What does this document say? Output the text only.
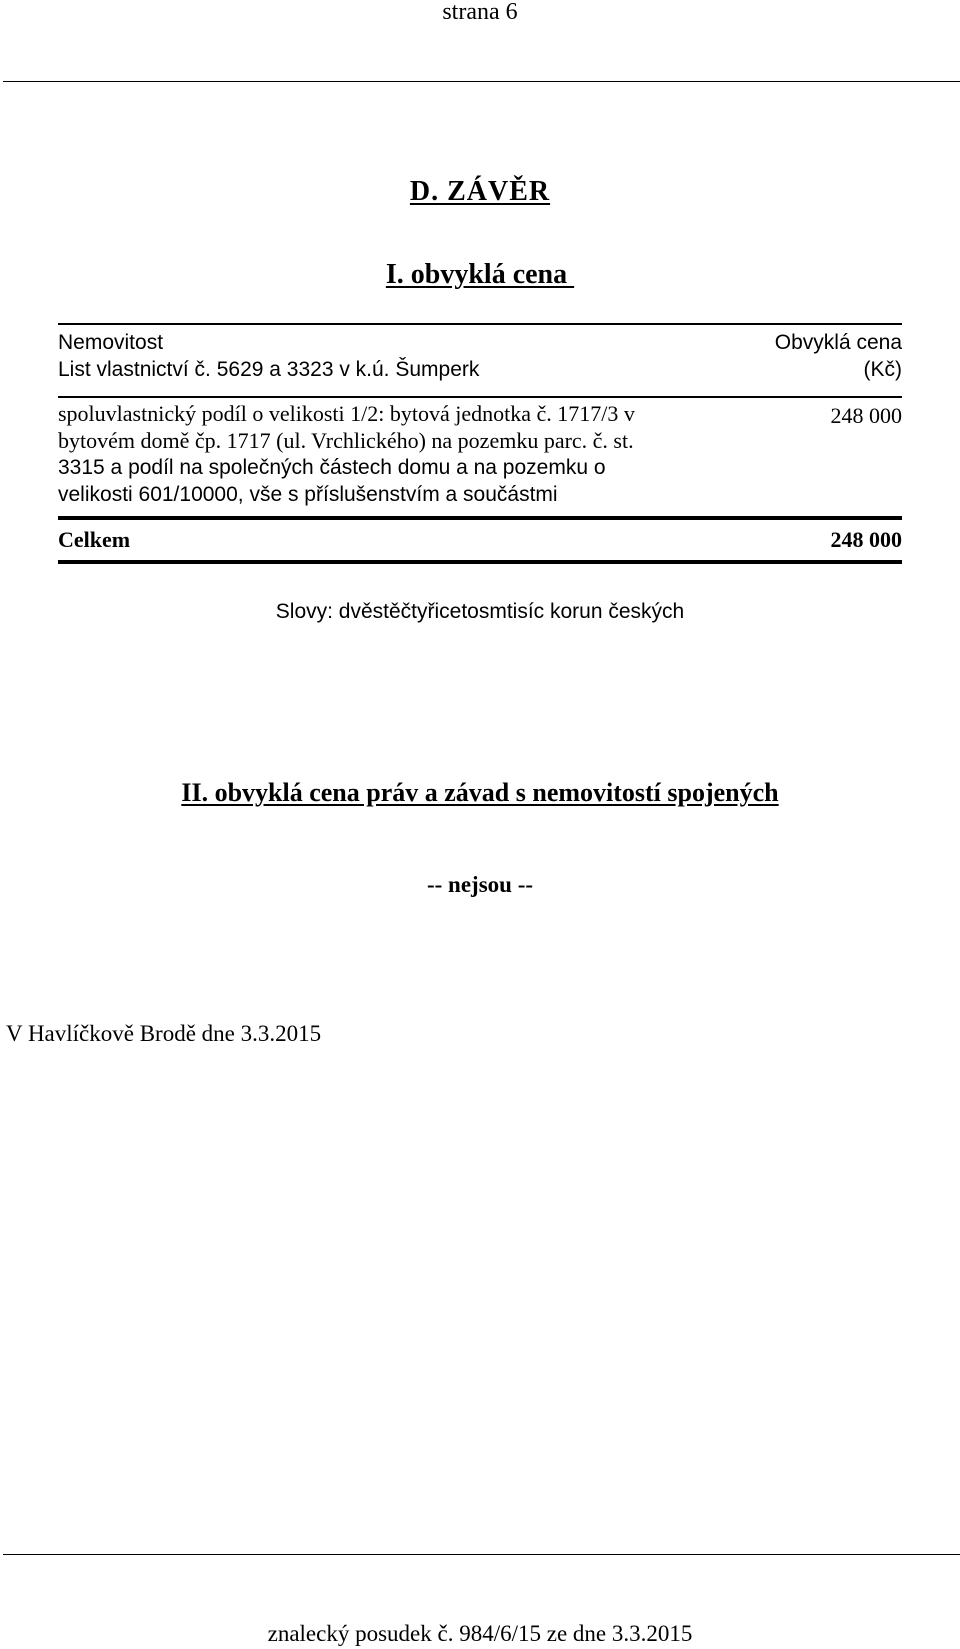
strana 6
D. ZÁVĚR
I. obvyklá cena
Nemovitost
List vlastnictví č. 5629 a 3323 v k.ú. Šumperk
Obvyklá cena
(Kč)
spoluvlastnický podíl o velikosti 1/2: bytová jednotka č. 1717/3 v
bytovém domě čp. 1717 (ul. Vrchlického) na pozemku parc. č. st.
3315 a podíl na společných částech domu a na pozemku o
velikosti 601/10000, vše s příslušenstvím a součástmi
248 000
Celkem	248 000
Slovy: dvěstěčtyřicetosmtisíc korun českých
II. obvyklá cena práv a závad s nemovitostí spojených
-- nejsou --
V Havlíčkově Brodě dne 3.3.2015
znalecký posudek č. 984/6/15 ze dne 3.3.2015
